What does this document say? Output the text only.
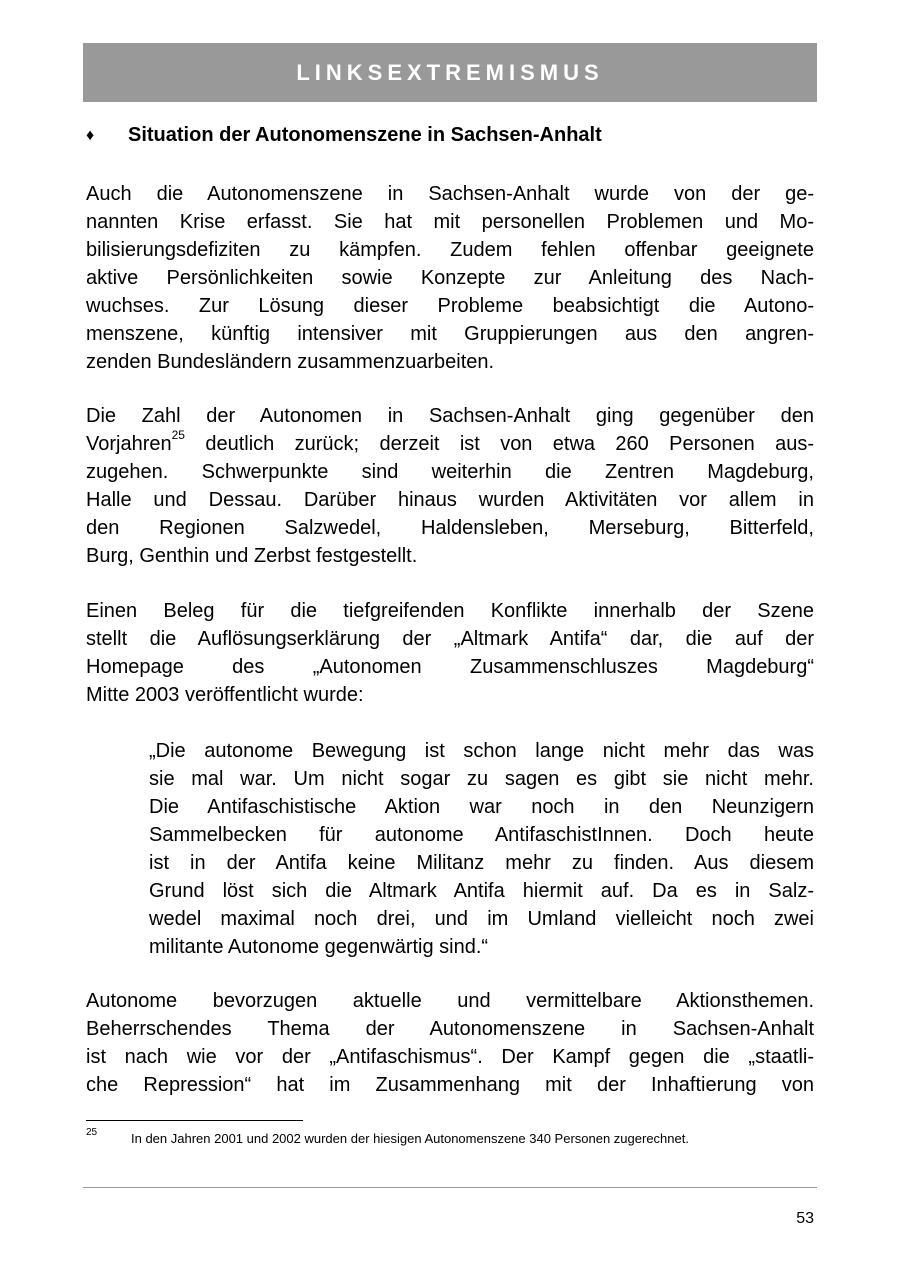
LINKSEXTREMISMUS
♦	Situation der Autonomenszene in Sachsen-Anhalt
Auch die Autonomenszene in Sachsen-Anhalt wurde von der ge-
nannten Krise erfasst. Sie hat mit personellen Problemen und Mo-
bilisierungsdefiziten zu kämpfen. Zudem fehlen offenbar geeignete
aktive Persönlichkeiten sowie Konzepte zur Anleitung des Nach-
wuchses. Zur Lösung dieser Probleme beabsichtigt die Autono-
menszene, künftig intensiver mit Gruppierungen aus den angren-
zenden Bundesländern zusammenzuarbeiten.
Die Zahl der Autonomen in Sachsen-Anhalt ging gegenüber den
Vorjahren$^{25}$ deutlich zurück; derzeit ist von etwa 260 Personen aus-
zugehen. Schwerpunkte sind weiterhin die Zentren Magdeburg,
Halle und Dessau. Darüber hinaus wurden Aktivitäten vor allem in
den Regionen Salzwedel, Haldensleben, Merseburg, Bitterfeld,
Burg, Genthin und Zerbst festgestellt.
Einen Beleg für die tiefgreifenden Konflikte innerhalb der Szene
stellt die Auflösungserklärung der „Altmark Antifa“ dar, die auf der
Homepage des „Autonomen Zusammenschluszes Magdeburg“
Mitte 2003 veröffentlicht wurde:
„Die autonome Bewegung ist schon lange nicht mehr das was
sie mal war. Um nicht sogar zu sagen es gibt sie nicht mehr.
Die Antifaschistische Aktion war noch in den Neunzigern
Sammelbecken für autonome AntifaschistInnen. Doch heute
ist in der Antifa keine Militanz mehr zu finden. Aus diesem
Grund löst sich die Altmark Antifa hiermit auf. Da es in Salz-
wedel maximal noch drei, und im Umland vielleicht noch zwei
militante Autonome gegenwärtig sind.“
Autonome bevorzugen aktuelle und vermittelbare Aktionsthemen.
Beherrschendes Thema der Autonomenszene in Sachsen-Anhalt
ist nach wie vor der „Antifaschismus“. Der Kampf gegen die „staatli-
che Repression“ hat im Zusammenhang mit der Inhaftierung von
25	In den Jahren 2001 und 2002 wurden der hiesigen Autonomenszene 340 Personen zugerechnet.
53
